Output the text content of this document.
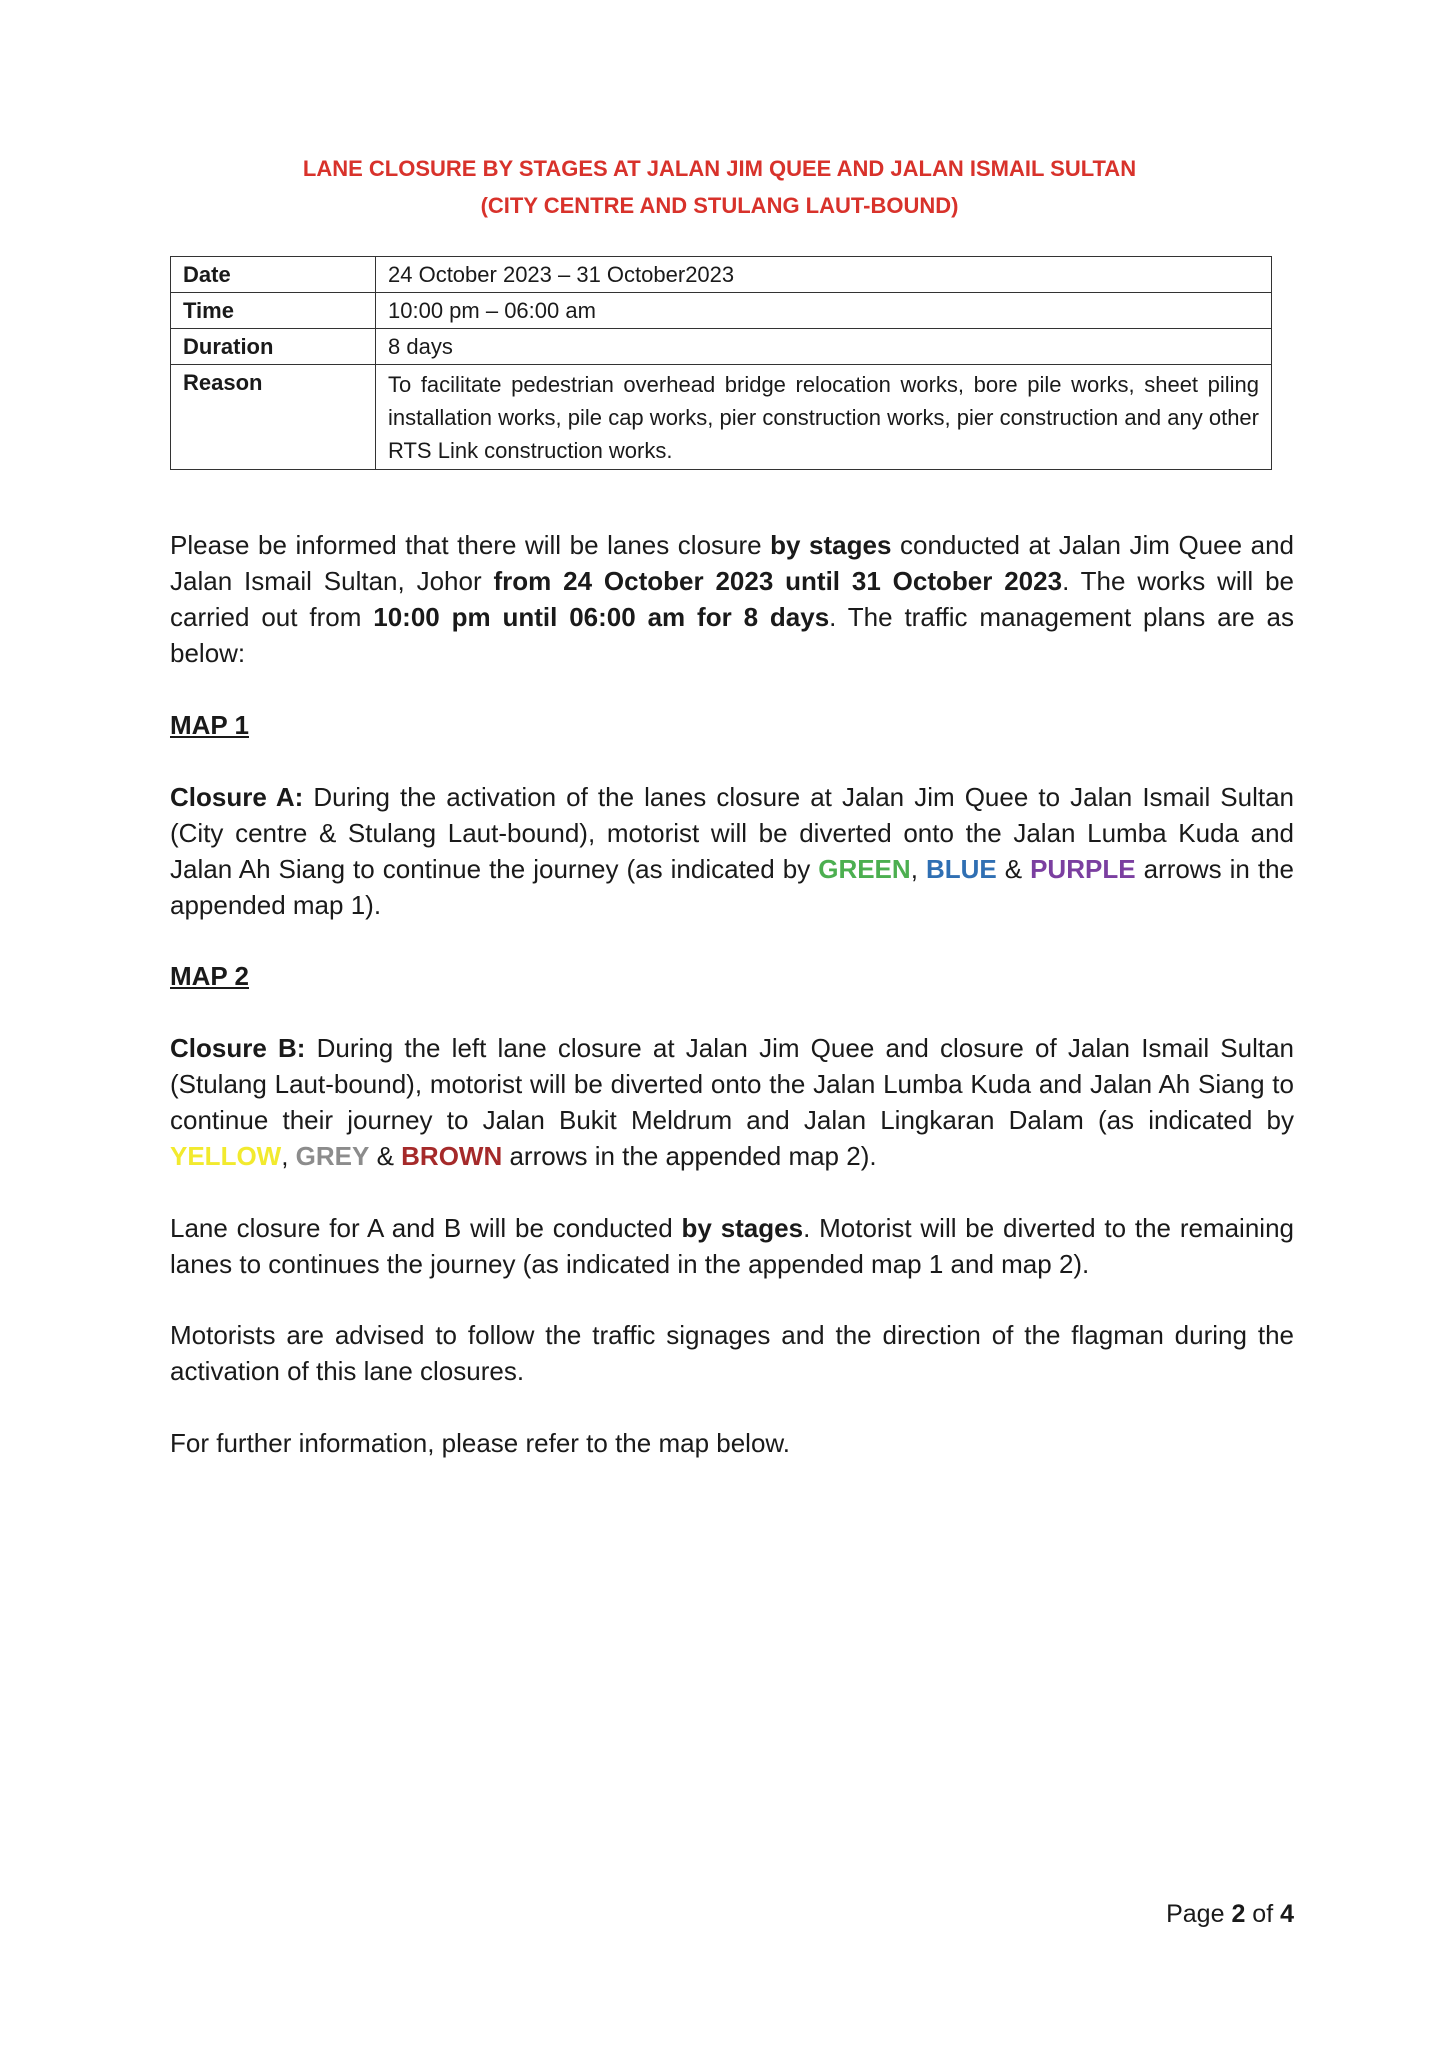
LANE CLOSURE BY STAGES AT JALAN JIM QUEE AND JALAN ISMAIL SULTAN
(CITY CENTRE AND STULANG LAUT-BOUND)
Date	24 October 2023 – 31 October2023
Time	10:00 pm – 06:00 am
Duration	8 days
Reason	To facilitate pedestrian overhead bridge relocation works, bore pile works, sheet piling installation works, pile cap works, pier construction works, pier construction and any other RTS Link construction works.

Please be informed that there will be lanes closure by stages conducted at Jalan Jim Quee and Jalan Ismail Sultan, Johor from 24 October 2023 until 31 October 2023. The works will be carried out from 10:00 pm until 06:00 am for 8 days. The traffic management plans are as below:

MAP 1

Closure A: During the activation of the lanes closure at Jalan Jim Quee to Jalan Ismail Sultan (City centre & Stulang Laut-bound), motorist will be diverted onto the Jalan Lumba Kuda and Jalan Ah Siang to continue the journey (as indicated by GREEN, BLUE & PURPLE arrows in the appended map 1).

MAP 2

Closure B: During the left lane closure at Jalan Jim Quee and closure of Jalan Ismail Sultan (Stulang Laut-bound), motorist will be diverted onto the Jalan Lumba Kuda and Jalan Ah Siang to continue their journey to Jalan Bukit Meldrum and Jalan Lingkaran Dalam (as indicated by YELLOW, GREY & BROWN arrows in the appended map 2).

Lane closure for A and B will be conducted by stages. Motorist will be diverted to the remaining lanes to continues the journey (as indicated in the appended map 1 and map 2).

Motorists are advised to follow the traffic signages and the direction of the flagman during the activation of this lane closures.

For further information, please refer to the map below.

Page 2 of 4
